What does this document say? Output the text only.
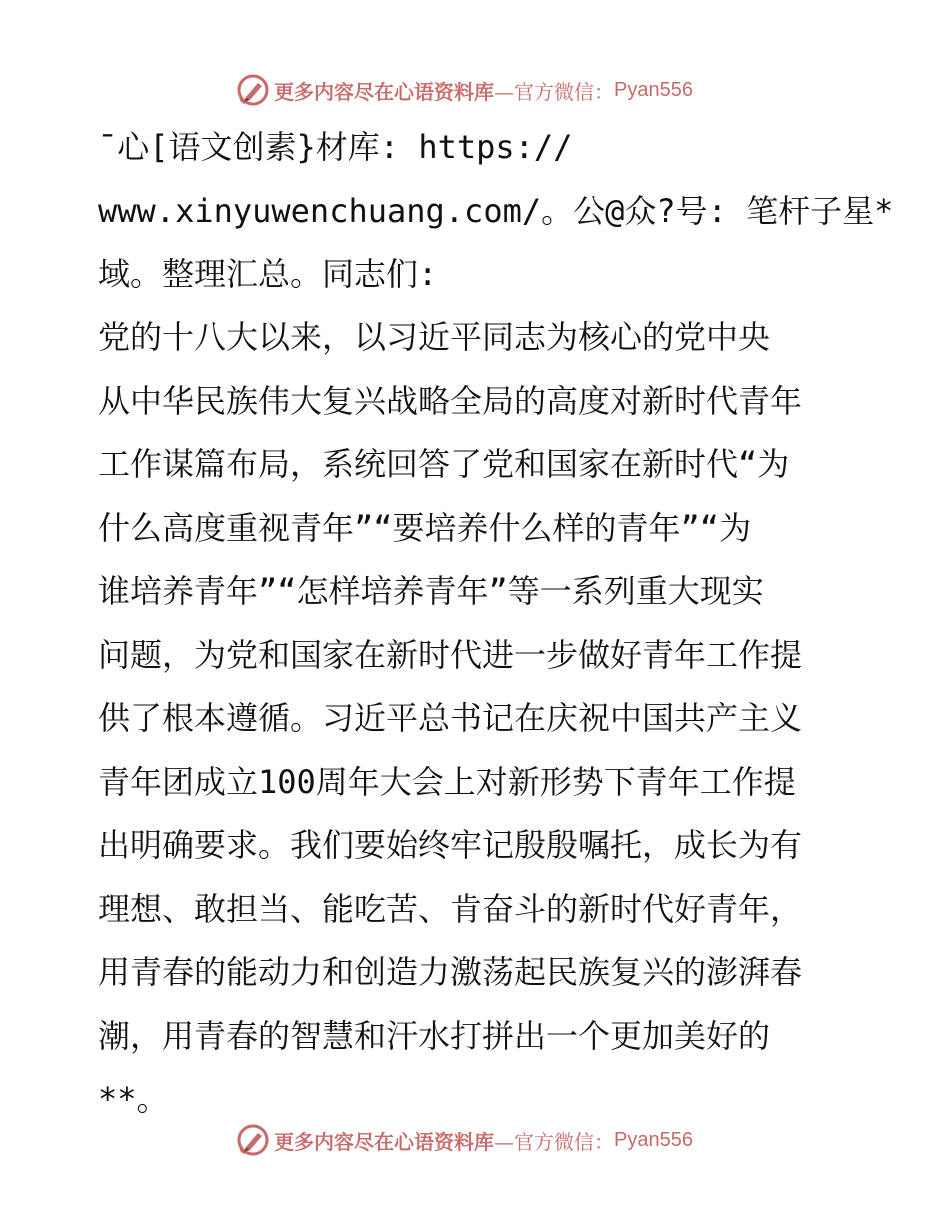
更多内容尽在心语资料库 —官方微信： Pyan556
¯心[语文创素}材库: https://
www.xinyuwenchuang.com/。公@众?号: 笔杆子星*
域。整理汇总。同志们:
党的十八大以来，以习近平同志为核心的党中央
从中华民族伟大复兴战略全局的高度对新时代青年
工作谋篇布局，系统回答了党和国家在新时代“为
什么高度重视青年”“要培养什么样的青年”“为
谁培养青年”“怎样培养青年”等一系列重大现实
问题，为党和国家在新时代进一步做好青年工作提
供了根本遵循。习近平总书记在庆祝中国共产主义
青年团成立100周年大会上对新形势下青年工作提
出明确要求。我们要始终牢记殷殷嘱托，成长为有
理想、敢担当、能吃苦、肯奋斗的新时代好青年，
用青春的能动力和创造力激荡起民族复兴的澎湃春
潮，用青春的智慧和汗水打拼出一个更加美好的
**。
更多内容尽在心语资料库 —官方微信： Pyan556
